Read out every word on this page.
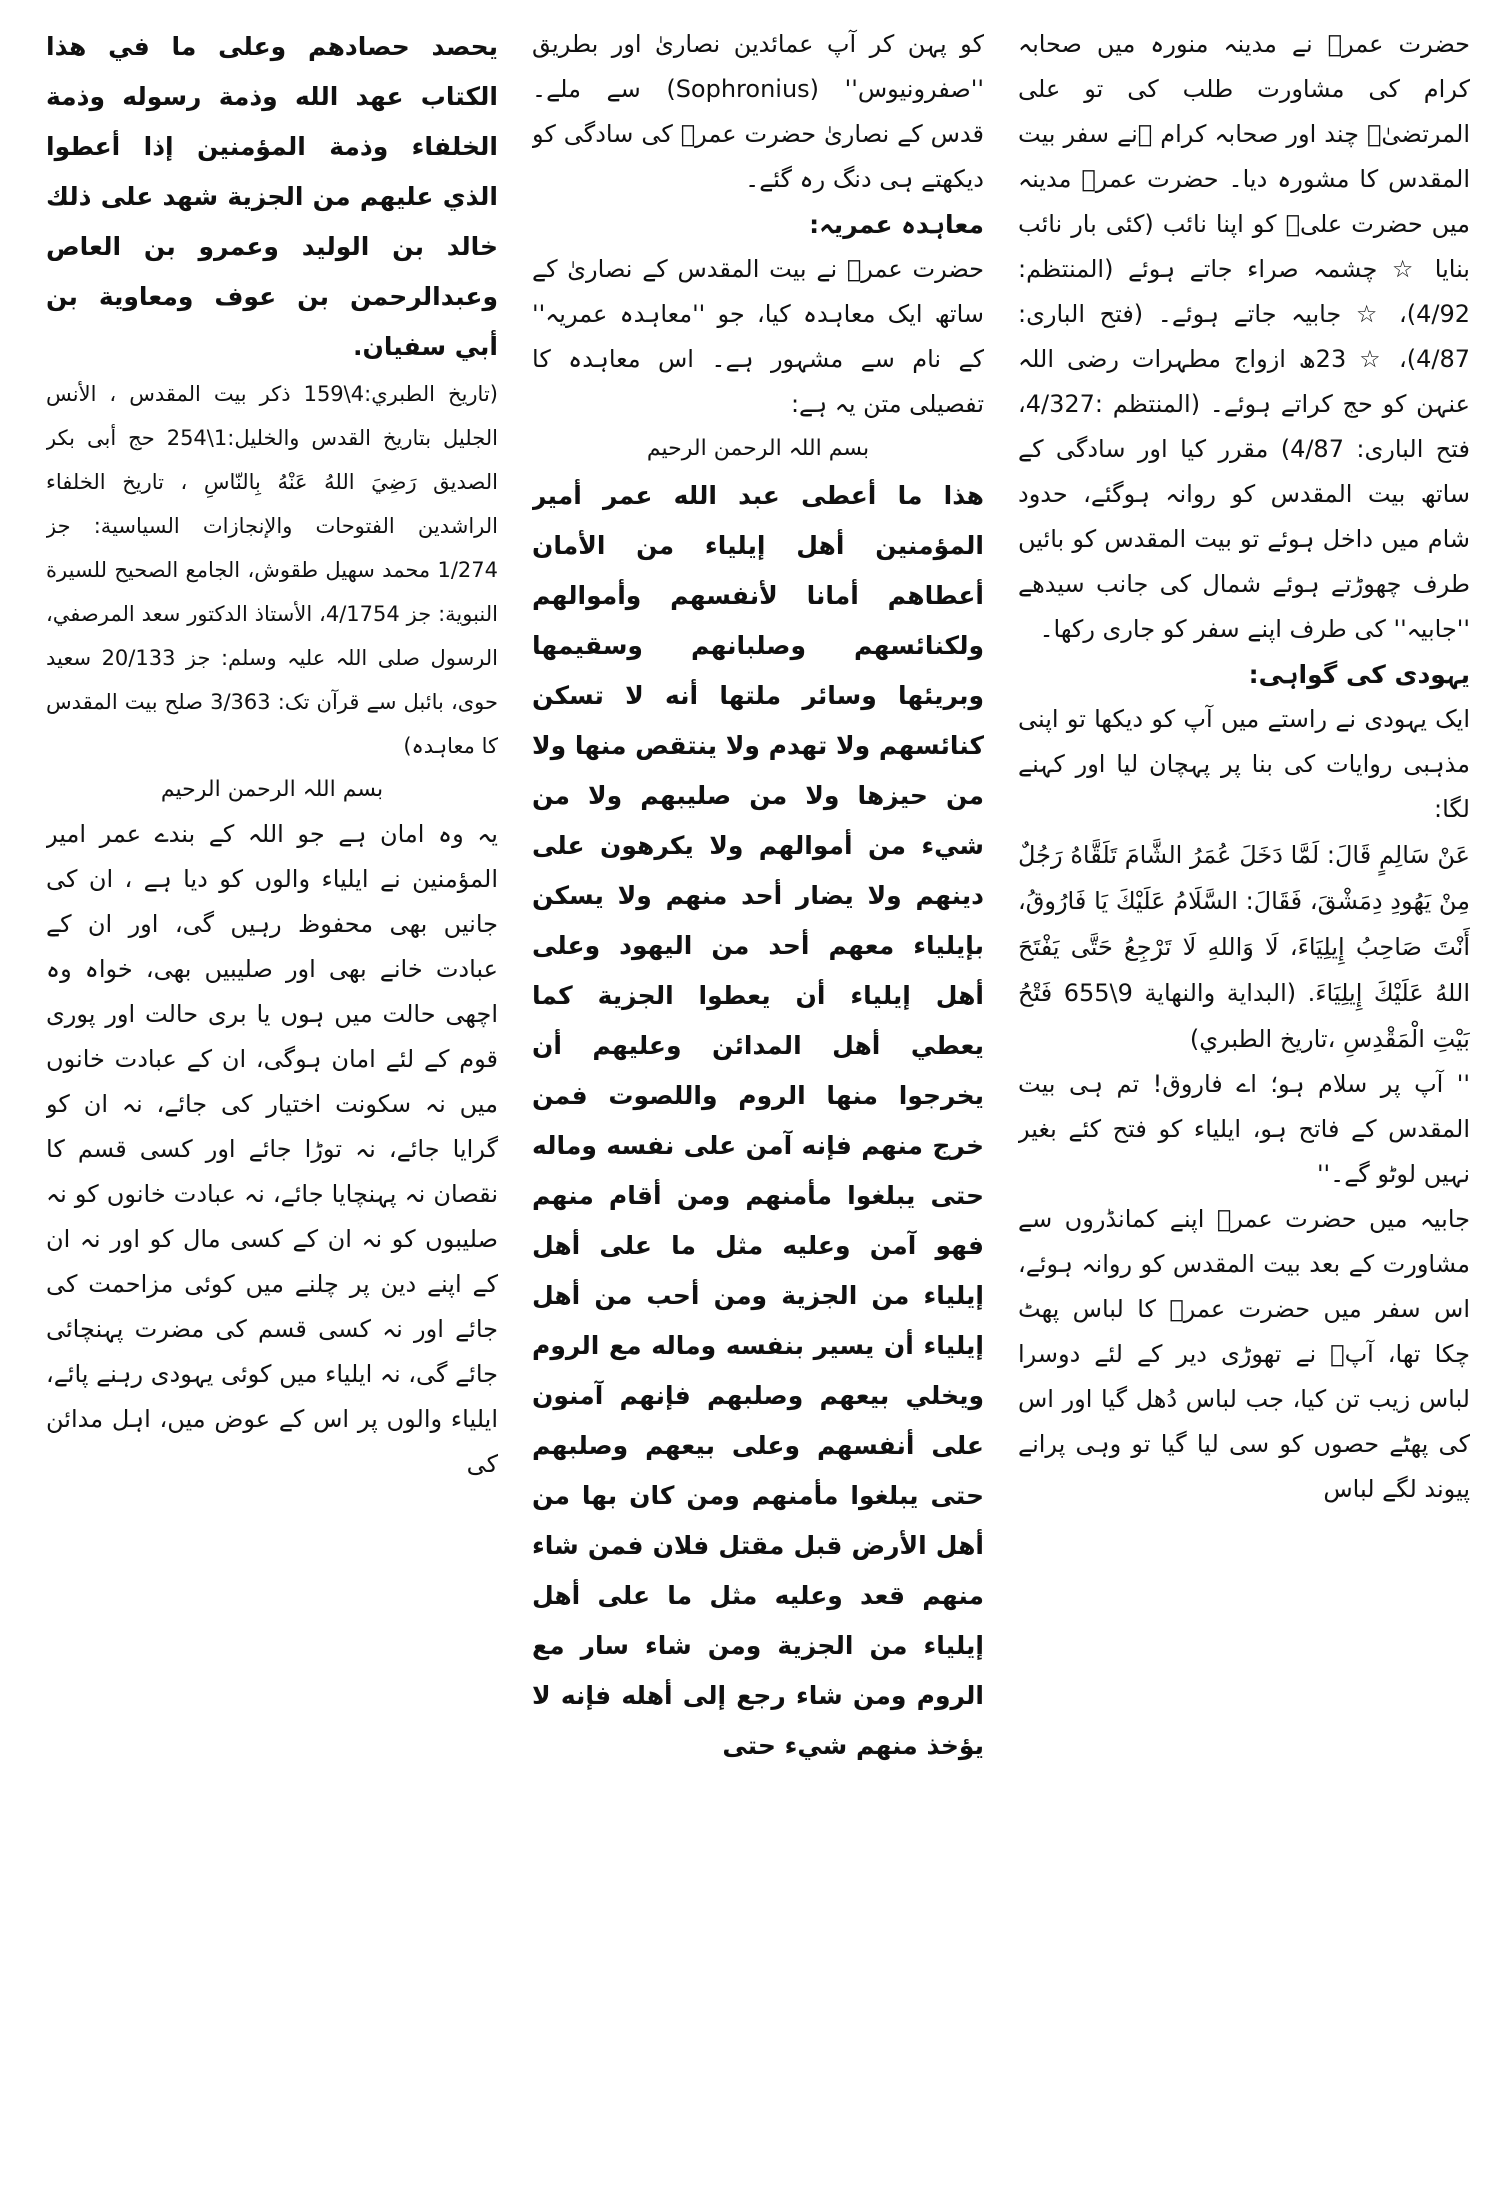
حضرت عمرؓ نے مدینہ منورہ میں صحابہ کرام کی مشاورت طلب کی تو علی المرتضیٰؓ چند اور صحابہ کرام ؓنے سفر بیت المقدس کا مشورہ دیا۔ حضرت عمرؓ مدینہ میں حضرت علیؓ کو اپنا نائب (کئی بار نائب بنایا ☆ چشمہ صراء جاتے ہوئے (المنتظم: 4/92)، ☆ جابیہ جاتے ہوئے۔ (فتح الباری: 4/87)، ☆ 23ھ ازواج مطہرات رضی اللہ عنہن کو حج کراتے ہوئے۔ (المنتظم :4/327، فتح الباری: 4/87) مقرر کیا اور سادگی کے ساتھ بیت المقدس کو روانہ ہوگئے، حدود شام میں داخل ہوئے تو بیت المقدس کو بائیں طرف چھوڑتے ہوئے شمال کی جانب سیدھے ''جابیہ'' کی طرف اپنے سفر کو جاری رکھا۔

یہودی کی گواہی:

ایک یہودی نے راستے میں آپ کو دیکھا تو اپنی مذہبی روایات کی بنا پر پہچان لیا اور کہنے لگا:

عَنْ سَالِمٍ قَالَ: لَمَّا دَخَلَ عُمَرُ الشَّامَ تَلَقَّاهُ رَجُلٌ مِنْ يَهُودِ دِمَشْقَ، فَقَالَ: السَّلَامُ عَلَيْكَ يَا فَارُوقُ، أَنْتَ صَاحِبُ إِيلِيَاءَ، لَا وَاللهِ لَا تَرْجِعُ حَتَّى يَفْتَحَ اللهُ عَلَيْكَ إِيلِيَاءَ. (البداية والنهاية 9\655 فَتْحُ بَيْتِ الْمَقْدِسِ ،تاريخ الطبري)

'' آپ پر سلام ہو؛ اے فاروق! تم ہی بیت المقدس کے فاتح ہو، ایلیاء کو فتح کئے بغیر نہیں لوٹو گے۔''

جابیہ میں حضرت عمرؓ اپنے کمانڈروں سے مشاورت کے بعد بیت المقدس کو روانہ ہوئے، اس سفر میں حضرت عمرؓ کا لباس پھٹ چکا تھا، آپؓ نے تھوڑی دیر کے لئے دوسرا لباس زیب تن کیا، جب لباس دُھل گیا اور اس کی پھٹے حصوں کو سی لیا گیا تو وہی پرانے پیوند لگے لباس

کو پہن کر آپ عمائدین نصاریٰ اور بطریق ''صفرونیوس'' (Sophronius) سے ملے۔ قدس کے نصاریٰ حضرت عمرؓ کی سادگی کو دیکھتے ہی دنگ رہ گئے۔

معاہدہ عمریہ:

حضرت عمرؓ نے بیت المقدس کے نصاریٰ کے ساتھ ایک معاہدہ کیا، جو ''معاہدہ عمریہ'' کے نام سے مشہور ہے۔ اس معاہدہ کا تفصیلی متن یہ ہے:

بسم اللہ الرحمن الرحیم

هذا ما أعطى عبد الله عمر أمير المؤمنين أهل إيلياء من الأمان أعطاهم أمانا لأنفسهم وأموالهم ولكنائسهم وصلبانهم وسقيمها وبريئها وسائر ملتها أنه لا تسكن كنائسهم ولا تهدم ولا ينتقص منها ولا من حيزها ولا من صليبهم ولا من شيء من أموالهم ولا يكرهون على دينهم ولا يضار أحد منهم ولا يسكن بإيلياء معهم أحد من اليهود وعلى أهل إيلياء أن يعطوا الجزية كما يعطي أهل المدائن وعليهم أن يخرجوا منها الروم واللصوت فمن خرج منهم فإنه آمن على نفسه وماله حتى يبلغوا مأمنهم ومن أقام منهم فهو آمن وعليه مثل ما على أهل إيلياء من الجزية ومن أحب من أهل إيلياء أن يسير بنفسه وماله مع الروم ويخلي بيعهم وصلبهم فإنهم آمنون على أنفسهم وعلى بيعهم وصلبهم حتى يبلغوا مأمنهم ومن كان بها من أهل الأرض قبل مقتل فلان فمن شاء منهم قعد وعليه مثل ما على أهل إيلياء من الجزية ومن شاء سار مع الروم ومن شاء رجع إلى أهله فإنه لا يؤخذ منهم شيء حتى

يحصد حصادهم وعلى ما في هذا الكتاب عهد الله وذمة رسوله وذمة الخلفاء وذمة المؤمنين إذا أعطوا الذي عليهم من الجزية شهد على ذلك خالد بن الوليد وعمرو بن العاص وعبدالرحمن بن عوف ومعاوية بن أبي سفيان.

(تاريخ الطبري:4\159 ذكر بيت المقدس ، الأنس الجليل بتاريخ القدس والخليل:1\254 حج أبى بكر الصديق رَضِيَ اللهُ عَنْهُ بِالنّاسِ ، تاريخ الخلفاء الراشدين الفتوحات والإنجازات السياسية: جز 1/274 محمد سهيل طقوش، الجامع الصحيح للسيرة النبوية: جز 4/1754، الأستاذ الدكتور سعد المرصفي، الرسول صلی اللہ علیہ وسلم: جز 20/133 سعید حوی، بائبل سے قرآن تک: 3/363 صلح بیت المقدس کا معاہدہ)

بسم اللہ الرحمن الرحیم

یہ وہ امان ہے جو اللہ کے بندے عمر امیر المؤمنین نے ایلیاء والوں کو دیا ہے ، ان کی جانیں بھی محفوظ رہیں گی، اور ان کے عبادت خانے بھی اور صلیبیں بھی، خواہ وہ اچھی حالت میں ہوں یا بری حالت اور پوری قوم کے لئے امان ہوگی، ان کے عبادت خانوں میں نہ سکونت اختیار کی جائے، نہ ان کو گرایا جائے، نہ توڑا جائے اور کسی قسم کا نقصان نہ پہنچایا جائے، نہ عبادت خانوں کو نہ صلیبوں کو نہ ان کے کسی مال کو اور نہ ان کے اپنے دین پر چلنے میں کوئی مزاحمت کی جائے اور نہ کسی قسم کی مضرت پہنچائی جائے گی، نہ ایلیاء میں کوئی یہودی رہنے پائے، ایلیاء والوں پر اس کے عوض میں، اہل مدائن کی
